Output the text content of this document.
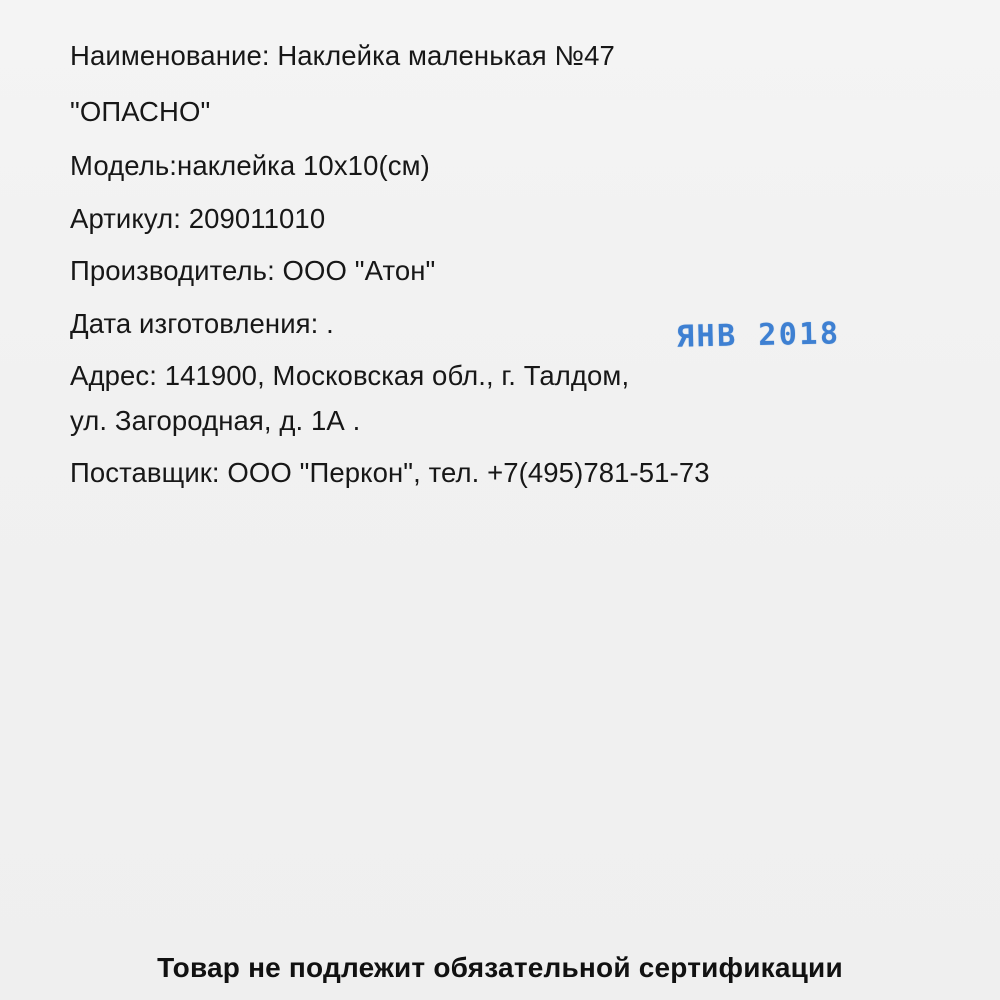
Наименование: Наклейка маленькая №47

"ОПАСНО"

Модель:наклейка 10х10(см)

Артикул: 209011010

Производитель: ООО "Атон"

Дата изготовления: .

Адрес: 141900, Московская обл., г. Талдом,

ул. Загородная, д. 1А .

Поставщик: ООО "Перкон", тел. +7(495)781-51-73

ЯНВ 2018
Товар не подлежит обязательной сертификации
